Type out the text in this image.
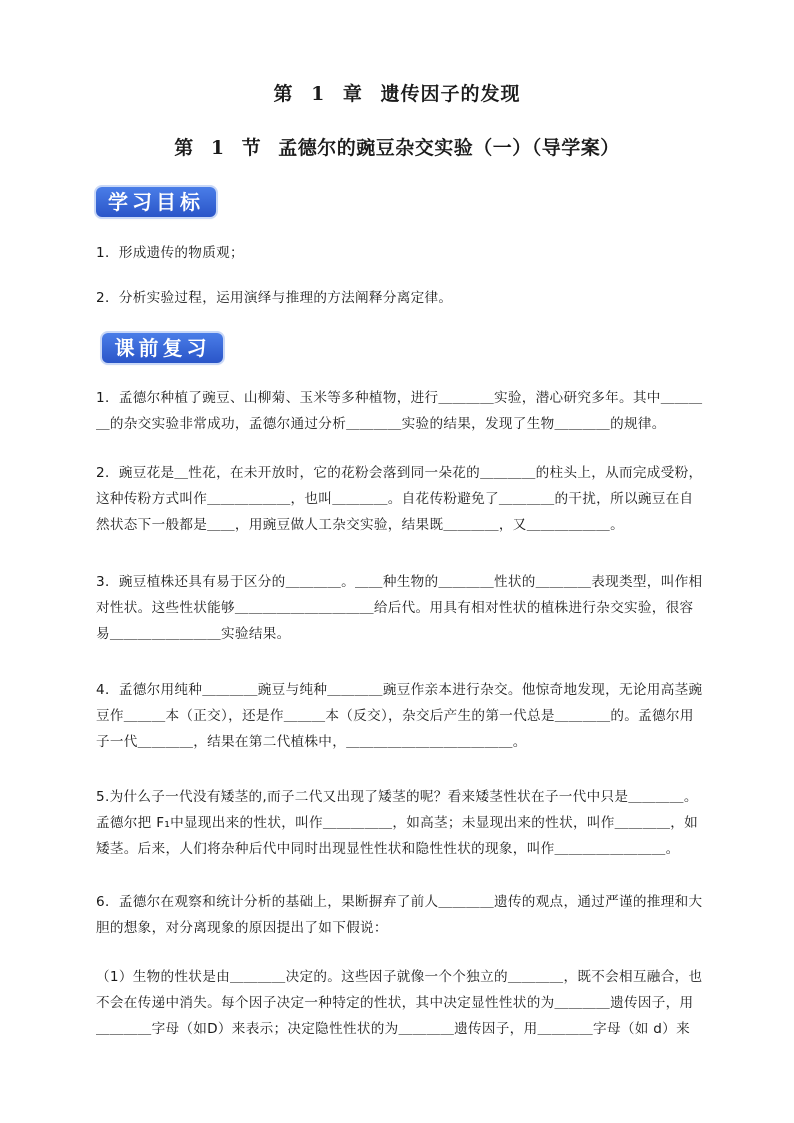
第 1 章 遗传因子的发现
第 1 节 孟德尔的豌豆杂交实验（一）（导学案）
学习目标

1．形成遗传的物质观；

2．分析实验过程，运用演绎与推理的方法阐释分离定律。

课前复习

1．孟德尔种植了豌豆、山柳菊、玉米等多种植物，进行＿＿＿＿实验，潜心研究多年。其中＿＿＿＿的杂交实验非常成功，孟德尔通过分析＿＿＿＿实验的结果，发现了生物＿＿＿＿的规律。

2．豌豆花是＿性花，在未开放时，它的花粉会落到同一朵花的＿＿＿＿的柱头上，从而完成受粉，这种传粉方式叫作＿＿＿＿＿＿，也叫＿＿＿＿。自花传粉避免了＿＿＿＿的干扰，所以豌豆在自然状态下一般都是＿＿，用豌豆做人工杂交实验，结果既＿＿＿＿，又＿＿＿＿＿＿。

3．豌豆植株还具有易于区分的＿＿＿＿。＿＿种生物的＿＿＿＿性状的＿＿＿＿表现类型，叫作相对性状。这些性状能够＿＿＿＿＿＿＿＿＿＿给后代。用具有相对性状的植株进行杂交实验，很容易＿＿＿＿＿＿＿＿实验结果。

4．孟德尔用纯种＿＿＿＿豌豆与纯种＿＿＿＿豌豆作亲本进行杂交。他惊奇地发现，无论用高茎豌豆作＿＿＿本（正交），还是作＿＿＿本（反交），杂交后产生的第一代总是＿＿＿＿的。孟德尔用子一代＿＿＿＿，结果在第二代植株中，＿＿＿＿＿＿＿＿＿＿＿＿。

5.为什么子一代没有矮茎的,而子二代又出现了矮茎的呢？看来矮茎性状在子一代中只是＿＿＿＿。孟德尔把 F₁中显现出来的性状，叫作＿＿＿＿＿，如高茎；未显现出来的性状，叫作＿＿＿＿，如矮茎。后来，人们将杂种后代中同时出现显性性状和隐性性状的现象，叫作＿＿＿＿＿＿＿＿。

6．孟德尔在观察和统计分析的基础上，果断摒弃了前人＿＿＿＿遗传的观点，通过严谨的推理和大胆的想象，对分离现象的原因提出了如下假说：

（1）生物的性状是由＿＿＿＿决定的。这些因子就像一个个独立的＿＿＿＿，既不会相互融合，也不会在传递中消失。每个因子决定一种特定的性状，其中决定显性性状的为＿＿＿＿遗传因子，用＿＿＿＿字母（如D）来表示；决定隐性性状的为＿＿＿＿遗传因子，用＿＿＿＿字母（如 d）来
